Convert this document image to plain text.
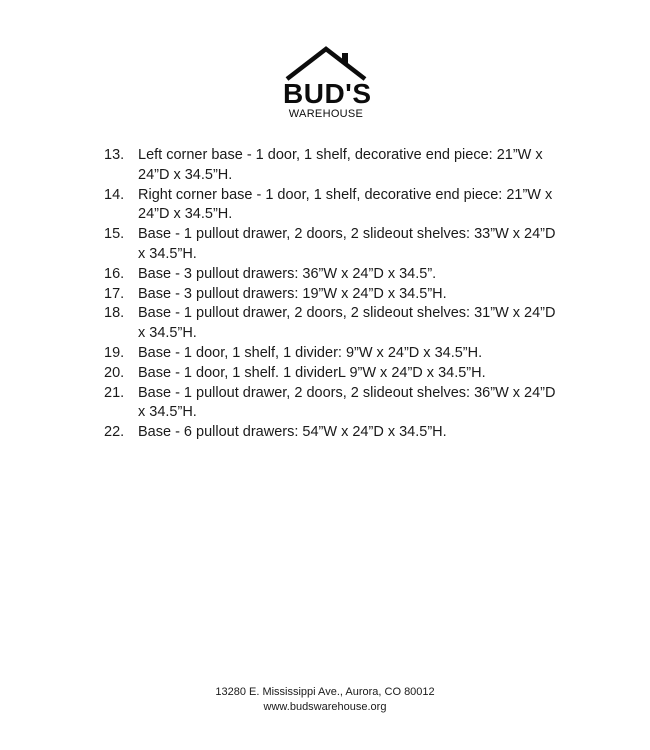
BUD'S
WAREHOUSE
13. Left corner base - 1 door, 1 shelf, decorative end piece: 21”W x 24”D x 34.5”H.
14. Right corner base - 1 door, 1 shelf, decorative end piece: 21”W x 24”D x 34.5”H.
15. Base - 1 pullout drawer, 2 doors, 2 slideout shelves: 33”W x 24”D x 34.5”H.
16. Base - 3 pullout drawers: 36”W x 24”D x 34.5”.
17. Base - 3 pullout drawers: 19”W x 24”D x 34.5”H.
18. Base - 1 pullout drawer, 2 doors, 2 slideout shelves: 31”W x 24”D x 34.5”H.
19. Base - 1 door, 1 shelf, 1 divider: 9”W x 24”D x 34.5”H.
20. Base - 1 door, 1 shelf. 1 dividerL 9”W x 24”D x 34.5”H.
21. Base - 1 pullout drawer, 2 doors, 2 slideout shelves: 36”W x 24”D x 34.5”H.
22. Base - 6 pullout drawers: 54”W x 24”D x 34.5”H.
13280 E. Mississippi Ave., Aurora, CO 80012
www.budswarehouse.org
